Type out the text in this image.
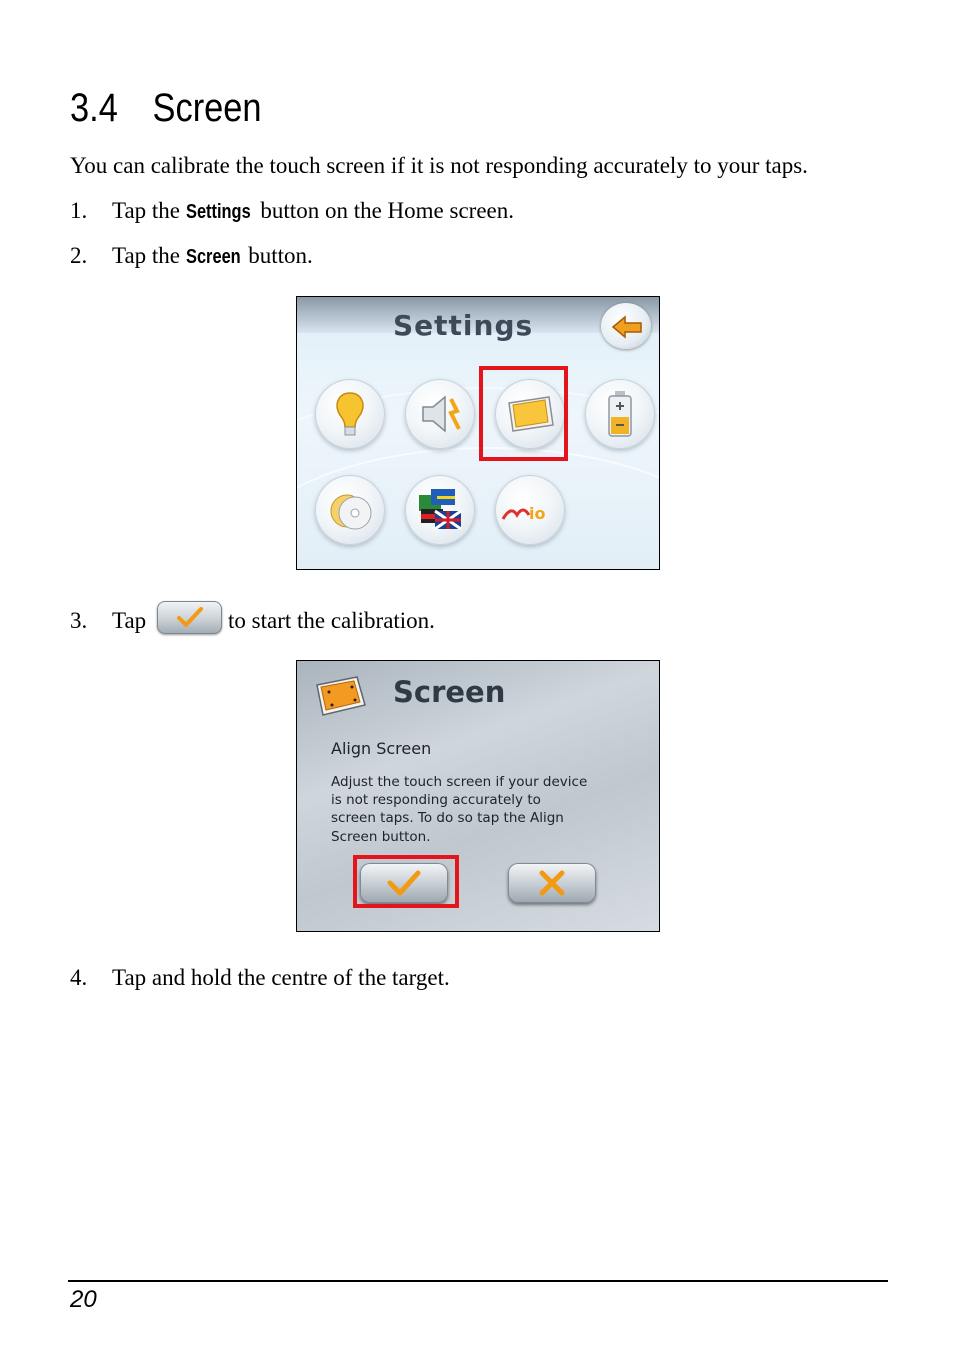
3.4 Screen
You can calibrate the touch screen if it is not responding accurately to your taps.
1. Tap the Settings button on the Home screen.
2. Tap the Screen button.
Settings
io
3. Tap	to start the calibration.
Screen
Align Screen
Adjust the touch screen if your device
is not responding accurately to
screen taps. To do so tap the Align
Screen button.
4. Tap and hold the centre of the target.
20
